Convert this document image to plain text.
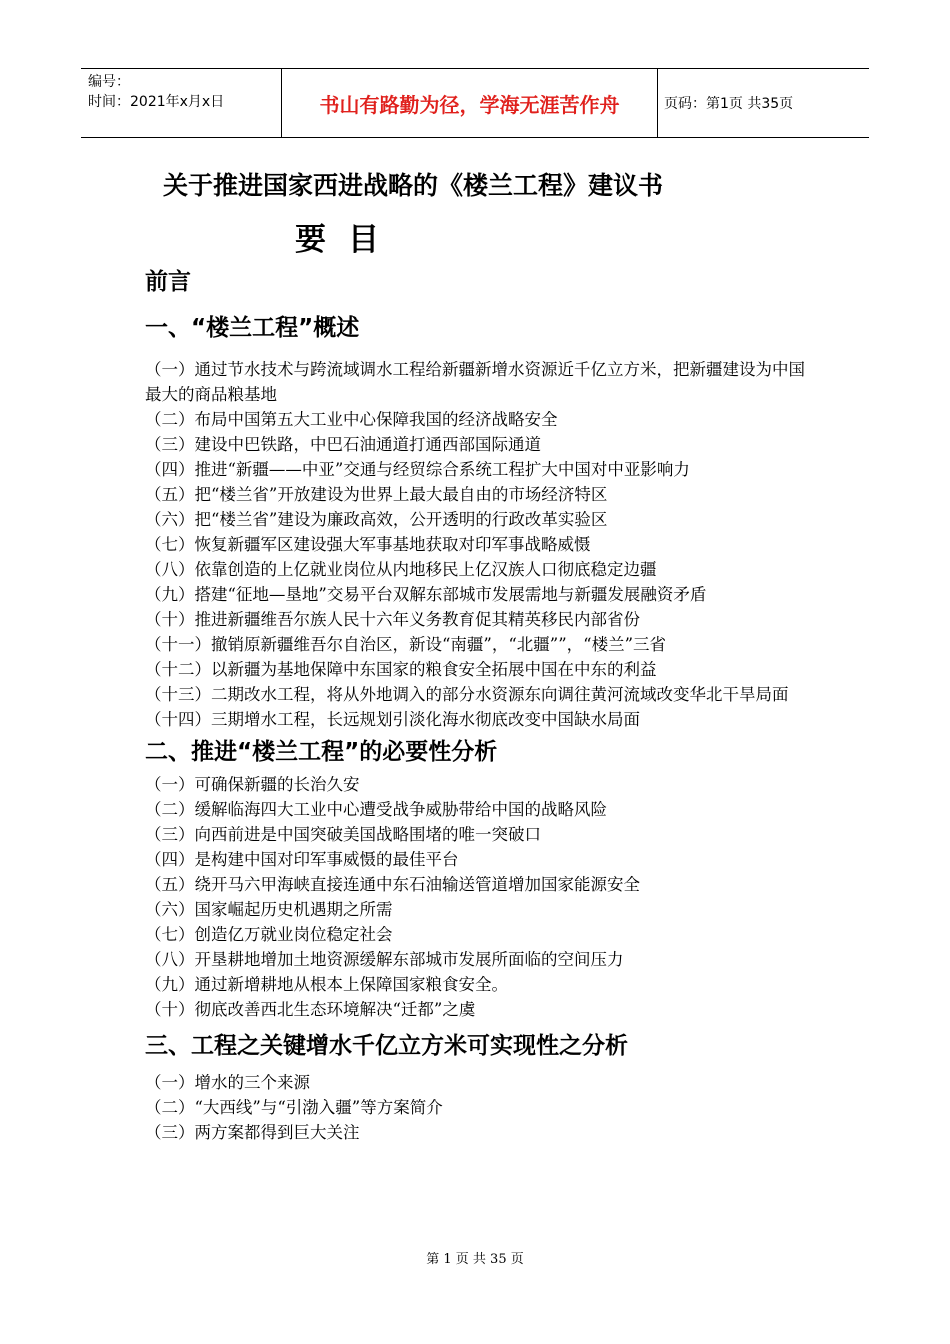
编号：
时间：2021年x月x日	书山有路勤为径，学海无涯苦作舟	页码：第1页 共35页
关于推进国家西进战略的《楼兰工程》建议书
要目
前言
一、“楼兰工程”概述
（一）通过节水技术与跨流域调水工程给新疆新增水资源近千亿立方米，把新疆建设为中国最大的商品粮基地
（二）布局中国第五大工业中心保障我国的经济战略安全
（三）建设中巴铁路，中巴石油通道打通西部国际通道
（四）推进“新疆——中亚”交通与经贸综合系统工程扩大中国对中亚影响力
（五）把“楼兰省”开放建设为世界上最大最自由的市场经济特区
（六）把“楼兰省”建设为廉政高效，公开透明的行政改革实验区
（七）恢复新疆军区建设强大军事基地获取对印军事战略威慑
（八）依靠创造的上亿就业岗位从内地移民上亿汉族人口彻底稳定边疆
（九）搭建“征地—垦地”交易平台双解东部城市发展需地与新疆发展融资矛盾
（十）推进新疆维吾尔族人民十六年义务教育促其精英移民内部省份
（十一）撤销原新疆维吾尔自治区，新设“南疆”，“北疆””，“楼兰”三省
（十二）以新疆为基地保障中东国家的粮食安全拓展中国在中东的利益
（十三）二期改水工程，将从外地调入的部分水资源东向调往黄河流域改变华北干旱局面
（十四）三期增水工程，长远规划引淡化海水彻底改变中国缺水局面
二、推进“楼兰工程”的必要性分析
（一）可确保新疆的长治久安
（二）缓解临海四大工业中心遭受战争威胁带给中国的战略风险
（三）向西前进是中国突破美国战略围堵的唯一突破口
（四）是构建中国对印军事威慑的最佳平台
（五）绕开马六甲海峡直接连通中东石油输送管道增加国家能源安全
（六）国家崛起历史机遇期之所需
（七）创造亿万就业岗位稳定社会
（八）开垦耕地增加土地资源缓解东部城市发展所面临的空间压力
（九）通过新增耕地从根本上保障国家粮食安全。
（十）彻底改善西北生态环境解决“迁都”之虞
三、工程之关键增水千亿立方米可实现性之分析
（一）增水的三个来源
（二）“大西线”与“引渤入疆”等方案简介
（三）两方案都得到巨大关注
第 1 页 共 35 页
